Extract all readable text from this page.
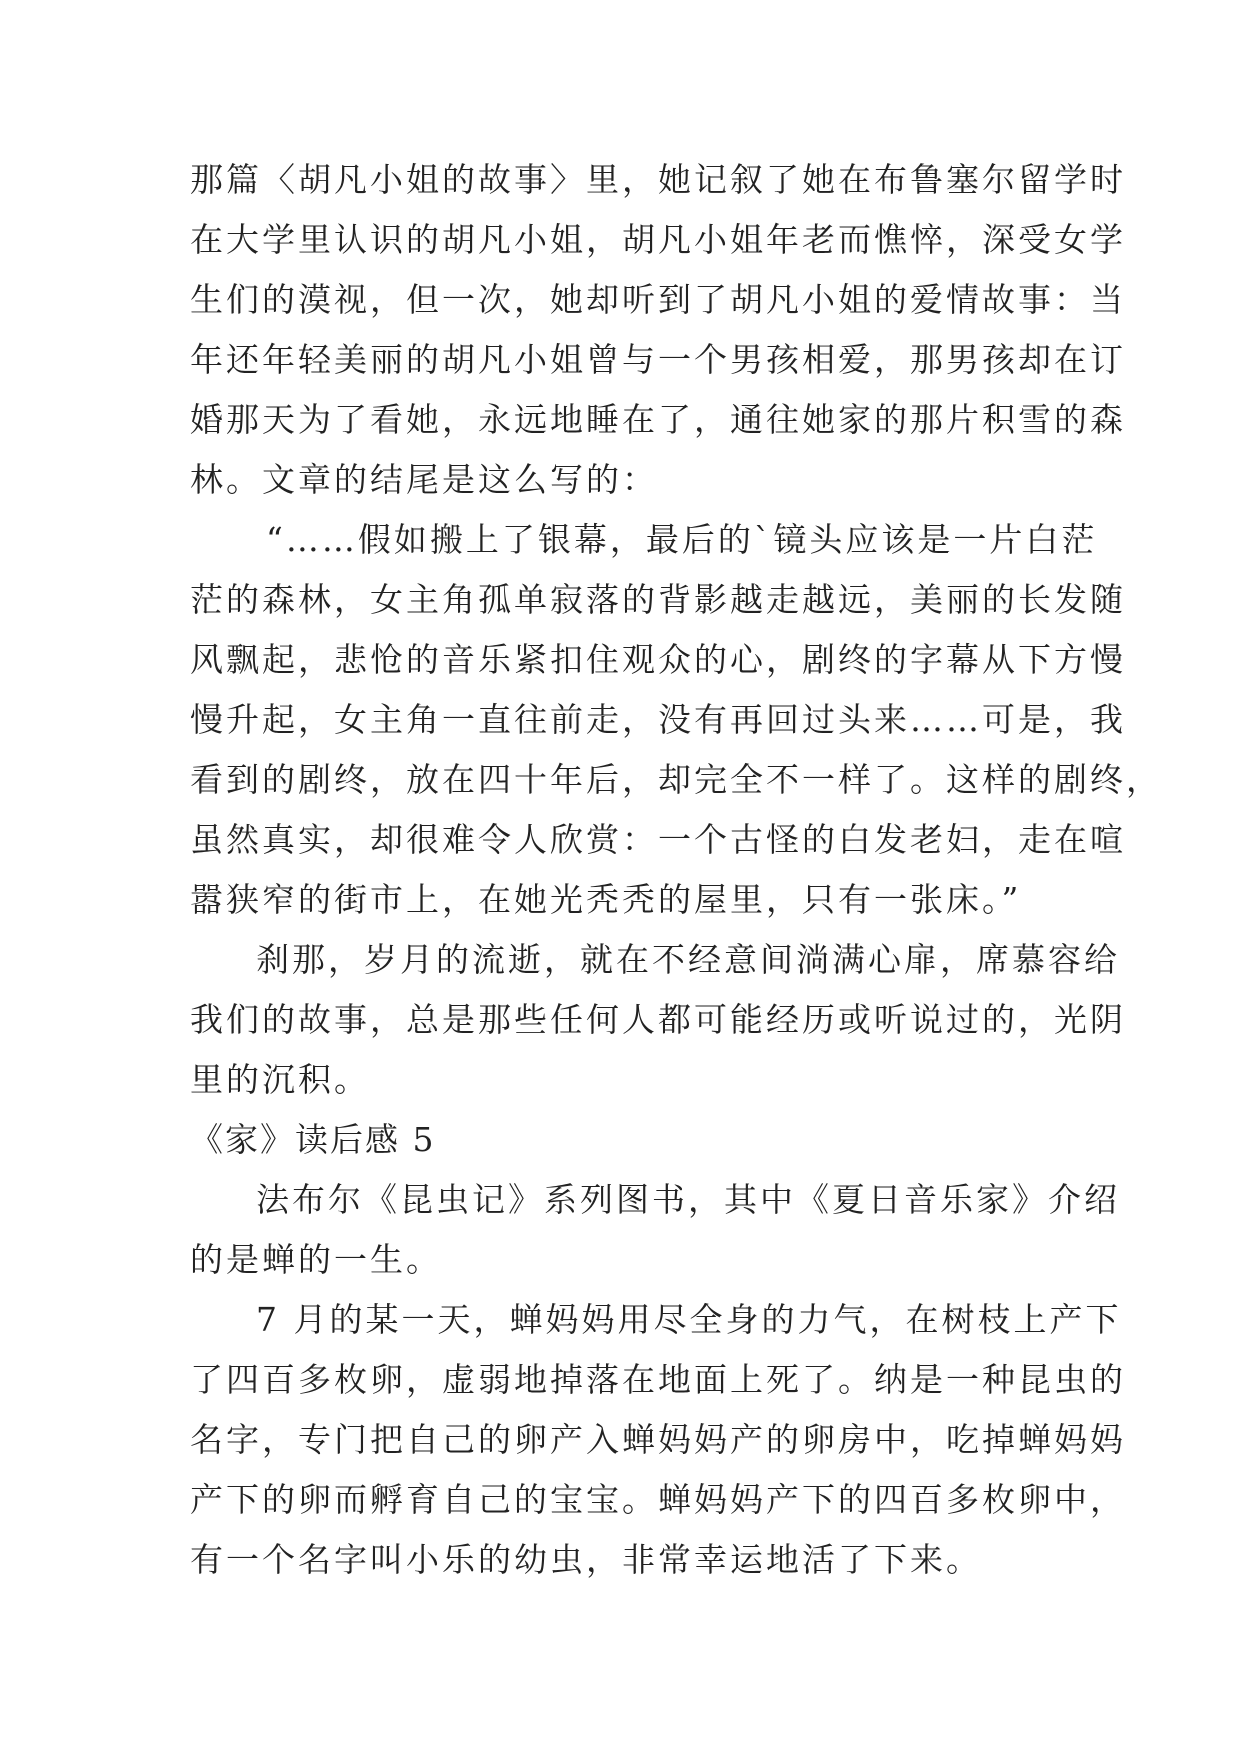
那篇〈胡凡小姐的故事〉里，她记叙了她在布鲁塞尔留学时
在大学里认识的胡凡小姐，胡凡小姐年老而憔悴，深受女学
生们的漠视，但一次，她却听到了胡凡小姐的爱情故事：当
年还年轻美丽的胡凡小姐曾与一个男孩相爱，那男孩却在订
婚那天为了看她，永远地睡在了，通往她家的那片积雪的森
林。文章的结尾是这么写的：
“……假如搬上了银幕，最后的`镜头应该是一片白茫
茫的森林，女主角孤单寂落的背影越走越远，美丽的长发随
风飘起，悲怆的音乐紧扣住观众的心，剧终的字幕从下方慢
慢升起，女主角一直往前走，没有再回过头来……可是，我
看到的剧终，放在四十年后，却完全不一样了。这样的剧终，
虽然真实，却很难令人欣赏：一个古怪的白发老妇，走在喧
嚣狭窄的街市上，在她光秃秃的屋里，只有一张床。”
刹那，岁月的流逝，就在不经意间淌满心扉，席慕容给
我们的故事，总是那些任何人都可能经历或听说过的，光阴
里的沉积。
《家》读后感 5
法布尔《昆虫记》系列图书，其中《夏日音乐家》介绍
的是蝉的一生。
7 月的某一天，蝉妈妈用尽全身的力气，在树枝上产下
了四百多枚卵，虚弱地掉落在地面上死了。纳是一种昆虫的
名字，专门把自己的卵产入蝉妈妈产的卵房中，吃掉蝉妈妈
产下的卵而孵育自己的宝宝。蝉妈妈产下的四百多枚卵中，
有一个名字叫小乐的幼虫，非常幸运地活了下来。
